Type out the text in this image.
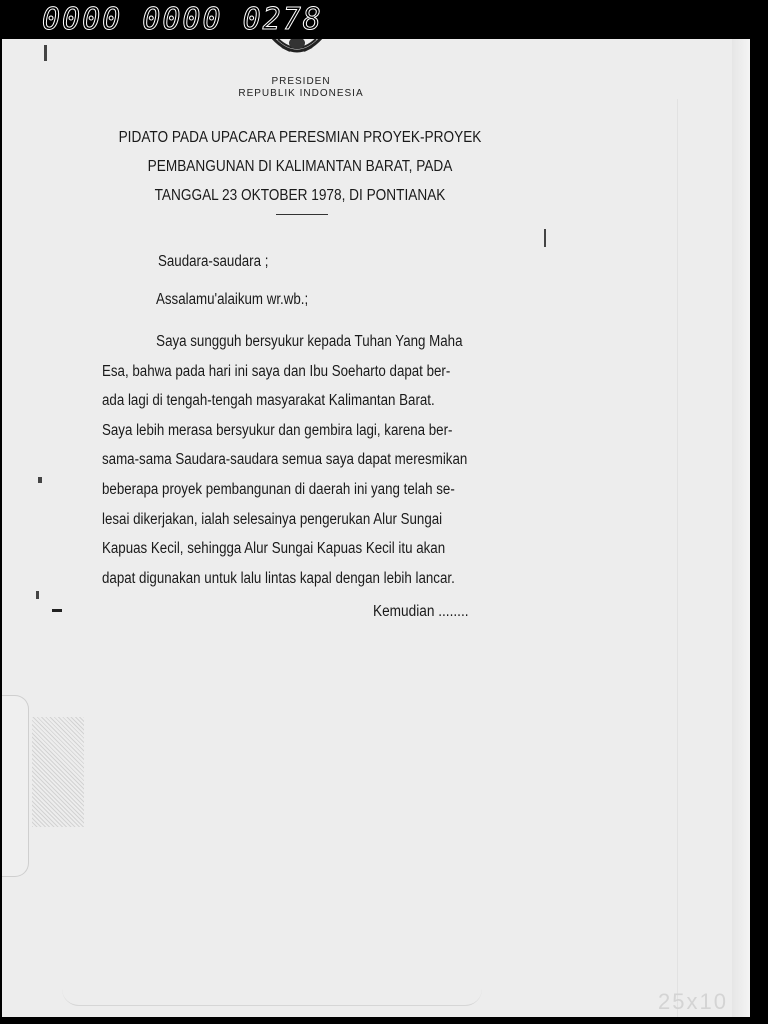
0000 0000 0278
PRESIDEN
REPUBLIK INDONESIA
PIDATO PADA UPACARA PERESMIAN PROYEK-PROYEK
PEMBANGUNAN DI KALIMANTAN BARAT, PADA
TANGGAL 23 OKTOBER 1978, DI PONTIANAK
Saudara-saudara ;
Assalamu'alaikum wr.wb.;
Saya sungguh bersyukur kepada Tuhan Yang Maha
Esa, bahwa pada hari ini saya dan Ibu Soeharto dapat ber-
ada lagi di tengah-tengah masyarakat Kalimantan Barat.
Saya lebih merasa bersyukur dan gembira lagi, karena ber-
sama-sama Saudara-saudara semua saya dapat meresmikan
beberapa proyek pembangunan di daerah ini yang telah se-
lesai dikerjakan, ialah selesainya pengerukan Alur Sungai
Kapuas Kecil, sehingga Alur Sungai Kapuas Kecil itu akan
dapat digunakan untuk lalu lintas kapal dengan lebih lancar.
Kemudian ........
25x10
